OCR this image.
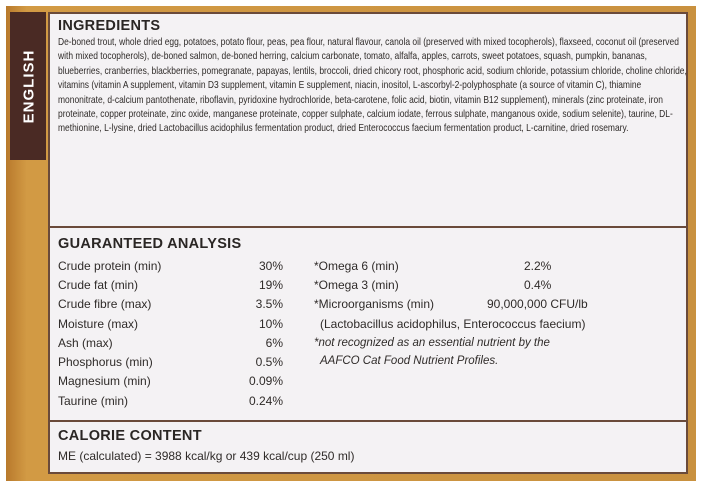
ENGLISH
INGREDIENTS
De-boned trout, whole dried egg, potatoes, potato flour, peas, pea flour, natural flavour, canola oil (preserved with mixed tocopherols), flaxseed, coconut oil (preserved with mixed tocopherols), de-boned salmon, de-boned herring, calcium carbonate, tomato, alfalfa, apples, carrots, sweet potatoes, squash, pumpkin, bananas, blueberries, cranberries, blackberries, pomegranate, papayas, lentils, broccoli, dried chicory root, phosphoric acid, sodium chloride, potassium chloride, choline chloride, vitamins (vitamin A supplement, vitamin D3 supplement, vitamin E supplement, niacin, inositol, L-ascorbyl-2-polyphosphate (a source of vitamin C), thiamine mononitrate, d-calcium pantothenate, riboflavin, pyridoxine hydrochloride, beta-carotene, folic acid, biotin, vitamin B12 supplement), minerals (zinc proteinate, iron proteinate, copper proteinate, zinc oxide, manganese proteinate, copper sulphate, calcium iodate, ferrous sulphate, manganous oxide, sodium selenite), taurine, DL-methionine, L-lysine, dried Lactobacillus acidophilus fermentation product, dried Enterococcus faecium fermentation product, L-carnitine, dried rosemary.
GUARANTEED ANALYSIS
Crude protein (min)	30%
Crude fat (min)	19%
Crude fibre (max)	3.5%
Moisture (max)	10%
Ash (max)	6%
Phosphorus (min)	0.5%
Magnesium (min)	0.09%
Taurine (min)	0.24%
*Omega 6 (min)	2.2%
*Omega 3 (min)	0.4%
*Microorganisms (min)	90,000,000 CFU/lb
(Lactobacillus acidophilus, Enterococcus faecium)
*not recognized as an essential nutrient by the
AAFCO Cat Food Nutrient Profiles.
CALORIE CONTENT
ME (calculated) = 3988 kcal/kg or 439 kcal/cup (250 ml)
